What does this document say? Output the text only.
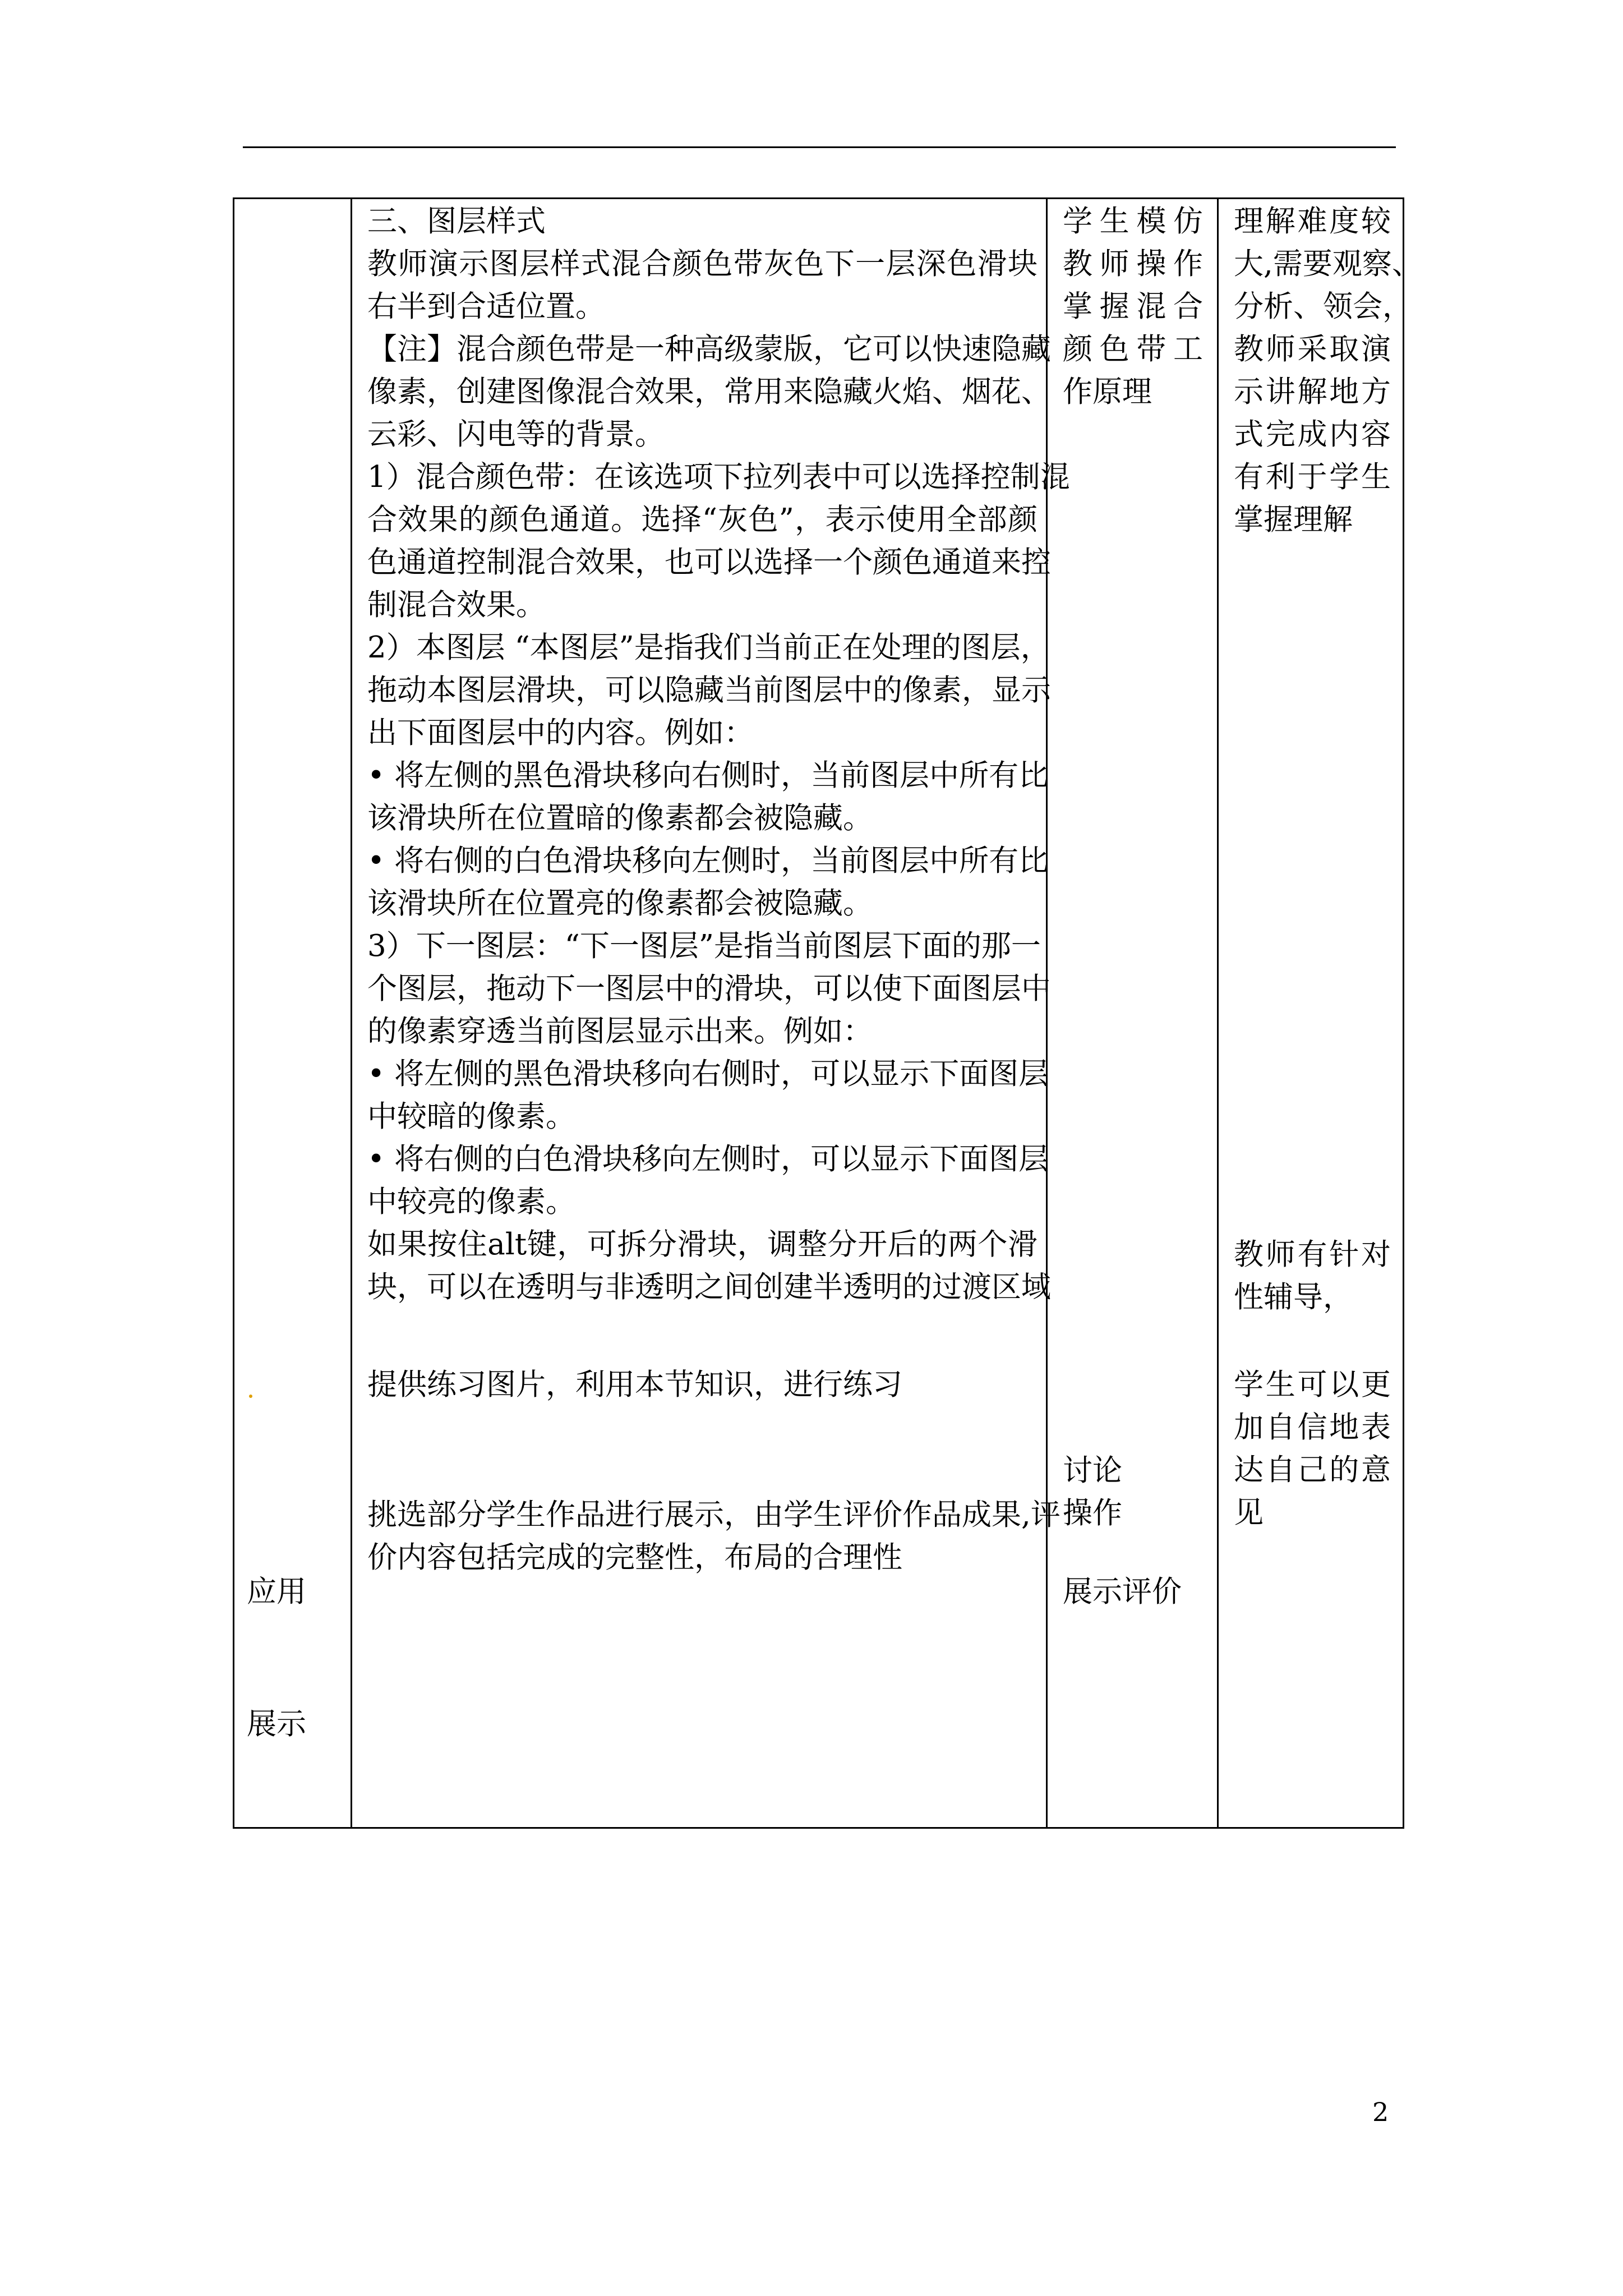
应用
展示
三、图层样式
教师演示图层样式混合颜色带灰色下一层深色滑块
右半到合适位置。
【注】混合颜色带是一种高级蒙版，它可以快速隐藏
像素，创建图像混合效果，常用来隐藏火焰、烟花、
云彩、闪电等的背景。
1）混合颜色带：在该选项下拉列表中可以选择控制混
合效果的颜色通道。选择“灰色”，表示使用全部颜
色通道控制混合效果，也可以选择一个颜色通道来控
制混合效果。
2）本图层 “本图层”是指我们当前正在处理的图层，
拖动本图层滑块，可以隐藏当前图层中的像素，显示
出下面图层中的内容。例如：
• 将左侧的黑色滑块移向右侧时，当前图层中所有比
该滑块所在位置暗的像素都会被隐藏。
• 将右侧的白色滑块移向左侧时，当前图层中所有比
该滑块所在位置亮的像素都会被隐藏。
3）下一图层：“下一图层”是指当前图层下面的那一
个图层，拖动下一图层中的滑块，可以使下面图层中
的像素穿透当前图层显示出来。例如：
• 将左侧的黑色滑块移向右侧时，可以显示下面图层
中较暗的像素。
• 将右侧的白色滑块移向左侧时，可以显示下面图层
中较亮的像素。
如果按住alt键，可拆分滑块，调整分开后的两个滑
块，可以在透明与非透明之间创建半透明的过渡区域
提供练习图片，利用本节知识，进行练习
挑选部分学生作品进行展示，由学生评价作品成果,评
价内容包括完成的完整性，布局的合理性
学生模仿
教师操作
掌握混合
颜色带工
作原理
讨论
操作
展示评价
理解难度较
大,需要观察、
分析、领会，
教师采取演
示讲解地方
式完成内容
有利于学生
掌握理解
教师有针对
性辅导，
学生可以更
加自信地表
达自己的意
见
2
